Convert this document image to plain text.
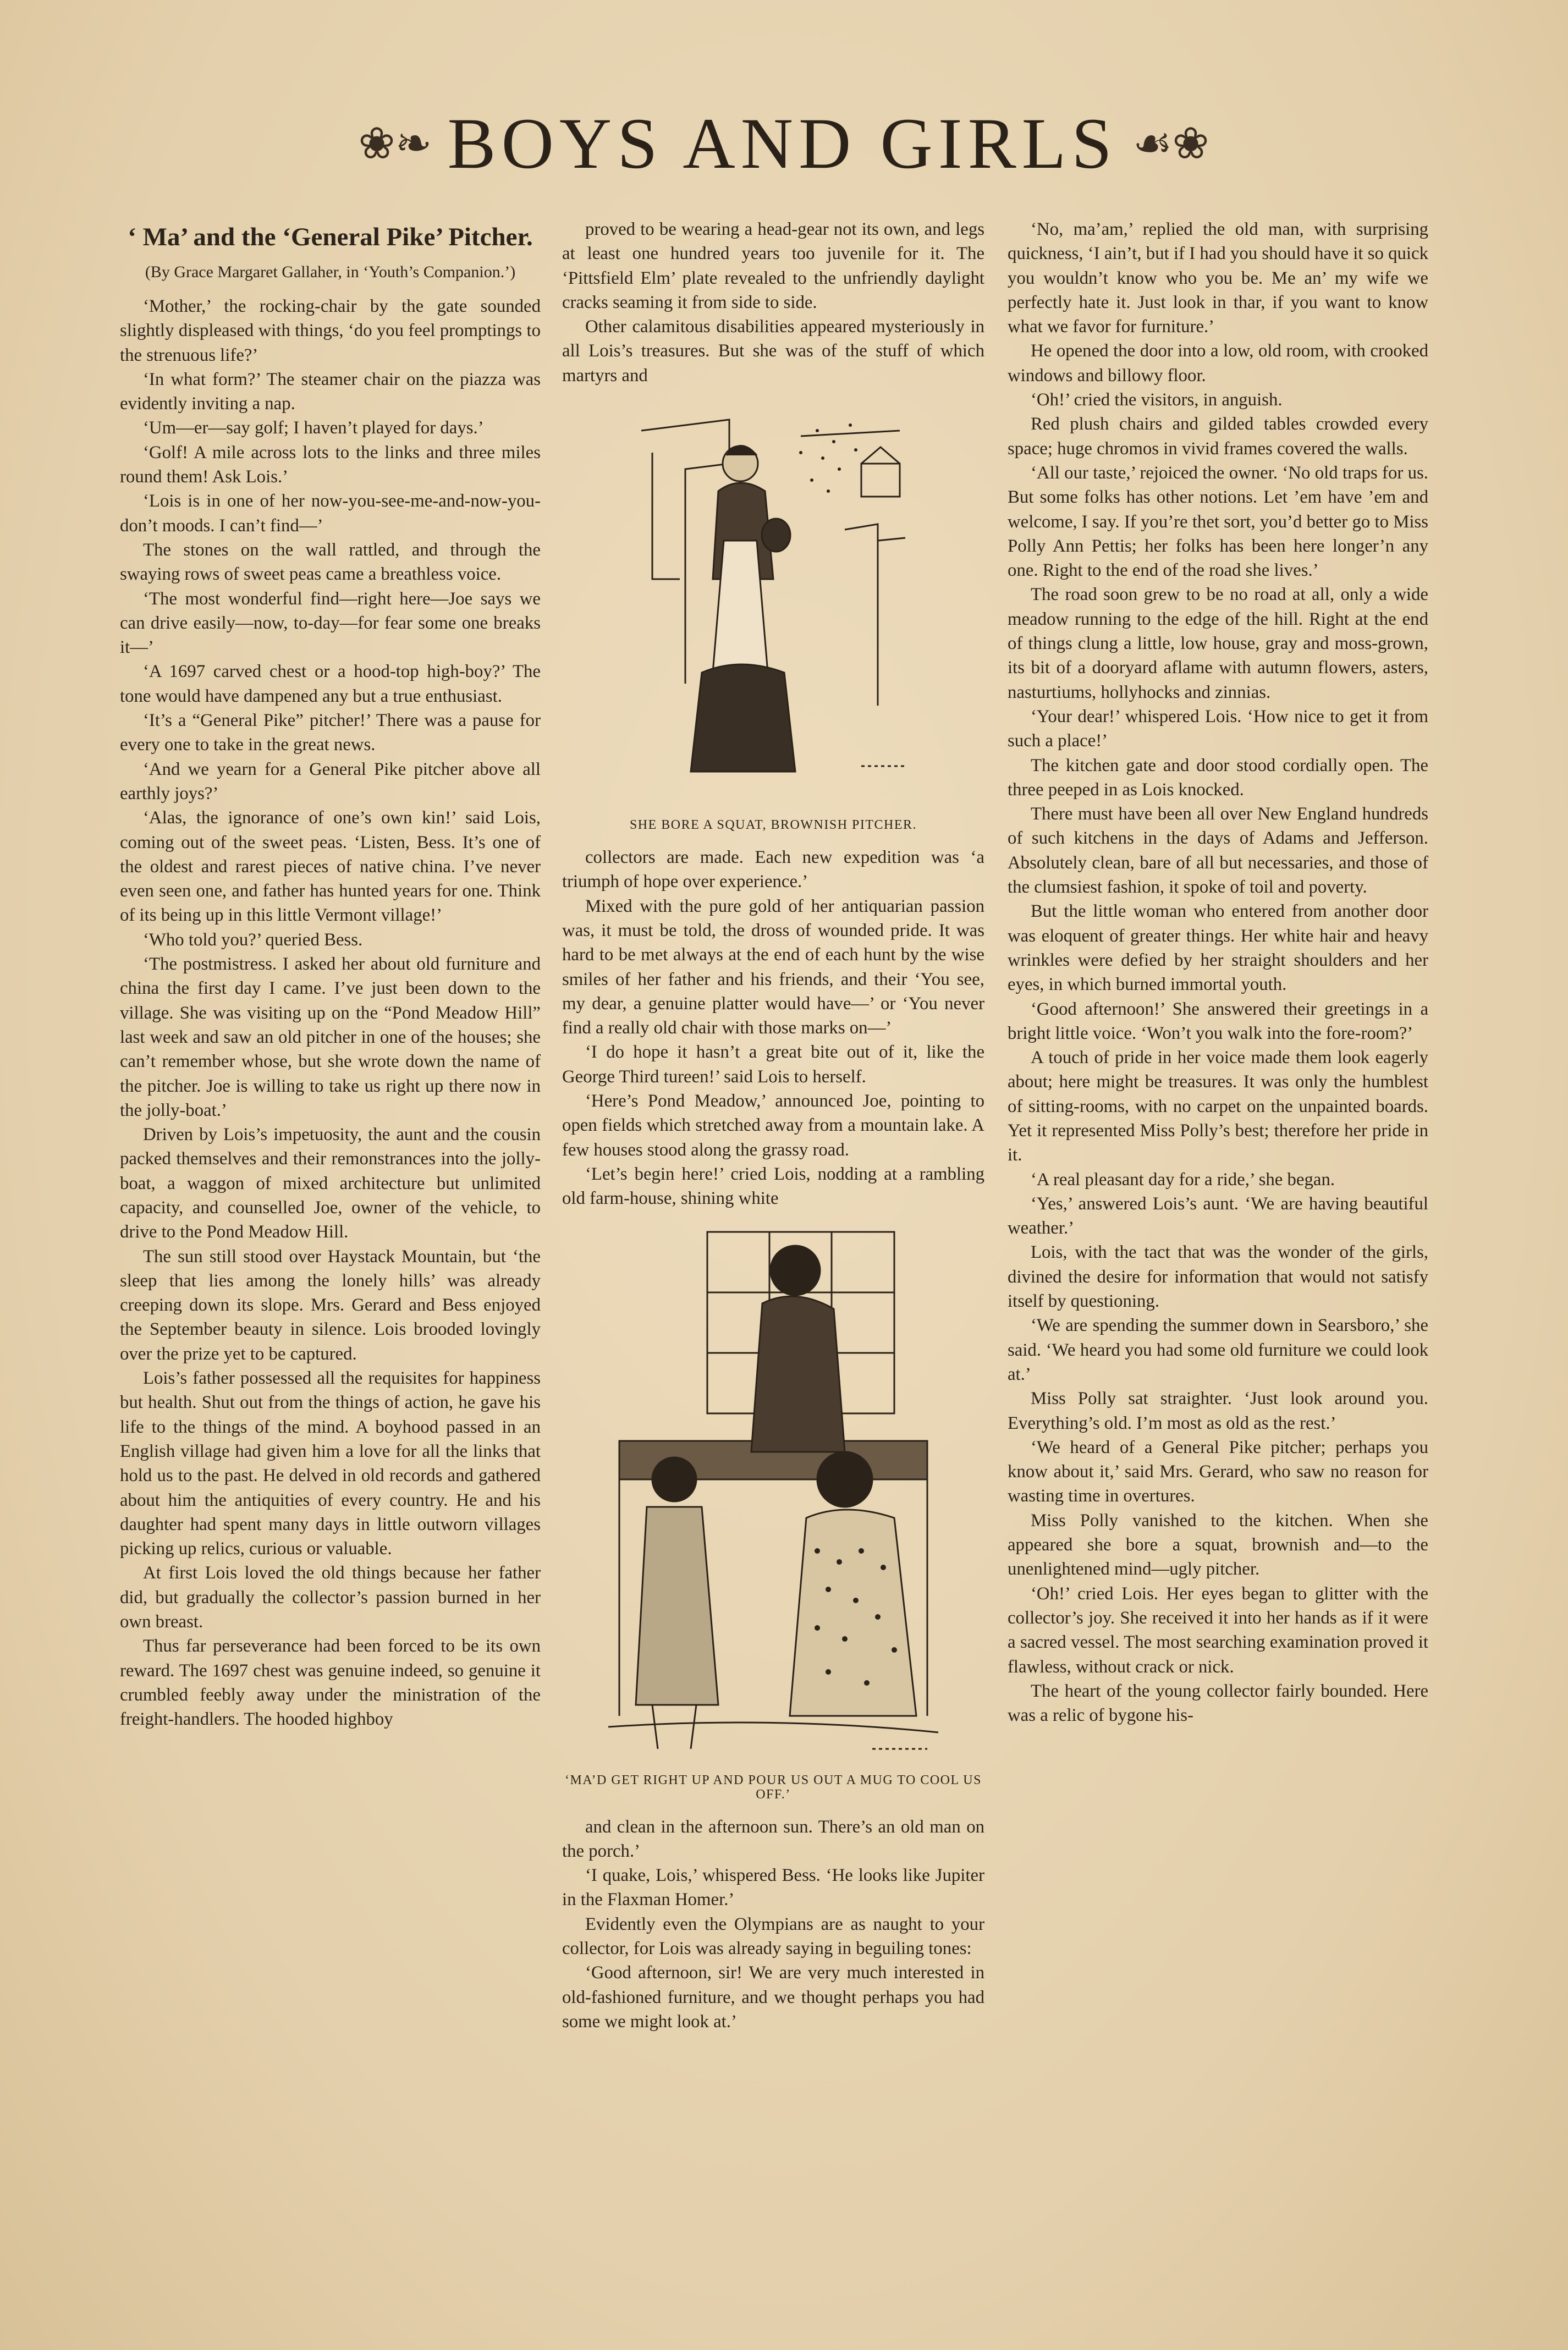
❀❧ BOYS AND GIRLS ☙❀
‘ Ma’ and the ‘General Pike’ Pitcher.
(By Grace Margaret Gallaher, in ‘Youth’s Companion.’)

‘Mother,’ the rocking-chair by the gate sounded slightly displeased with things, ‘do you feel promptings to the strenuous life?’

‘In what form?’ The steamer chair on the piazza was evidently inviting a nap.

‘Um—er—say golf; I haven’t played for days.’

‘Golf! A mile across lots to the links and three miles round them! Ask Lois.’

‘Lois is in one of her now-you-see-me-and-now-you-don’t moods. I can’t find—’

The stones on the wall rattled, and through the swaying rows of sweet peas came a breathless voice.

‘The most wonderful find—right here—Joe says we can drive easily—now, to-day—for fear some one breaks it—’

‘A 1697 carved chest or a hood-top high-boy?’ The tone would have dampened any but a true enthusiast.

‘It’s a “General Pike” pitcher!’ There was a pause for every one to take in the great news.

‘And we yearn for a General Pike pitcher above all earthly joys?’

‘Alas, the ignorance of one’s own kin!’ said Lois, coming out of the sweet peas. ‘Listen, Bess. It’s one of the oldest and rarest pieces of native china. I’ve never even seen one, and father has hunted years for one. Think of its being up in this little Vermont village!’

‘Who told you?’ queried Bess.

‘The postmistress. I asked her about old furniture and china the first day I came. I’ve just been down to the village. She was visiting up on the “Pond Meadow Hill” last week and saw an old pitcher in one of the houses; she can’t remember whose, but she wrote down the name of the pitcher. Joe is willing to take us right up there now in the jolly-boat.’

Driven by Lois’s impetuosity, the aunt and the cousin packed themselves and their remonstrances into the jolly-boat, a waggon of mixed architecture but unlimited capacity, and counselled Joe, owner of the vehicle, to drive to the Pond Meadow Hill.

The sun still stood over Haystack Mountain, but ‘the sleep that lies among the lonely hills’ was already creeping down its slope. Mrs. Gerard and Bess enjoyed the September beauty in silence. Lois brooded lovingly over the prize yet to be captured.

Lois’s father possessed all the requisites for happiness but health. Shut out from the things of action, he gave his life to the things of the mind. A boyhood passed in an English village had given him a love for all the links that hold us to the past. He delved in old records and gathered about him the antiquities of every country. He and his daughter had spent many days in little outworn villages picking up relics, curious or valuable.

At first Lois loved the old things because her father did, but gradually the collector’s passion burned in her own breast.

Thus far perseverance had been forced to be its own reward. The 1697 chest was genuine indeed, so genuine it crumbled feebly away under the ministration of the freight-handlers. The hooded highboy

proved to be wearing a head-gear not its own, and legs at least one hundred years too juvenile for it. The ‘Pittsfield Elm’ plate revealed to the unfriendly daylight cracks seaming it from side to side.

Other calamitous disabilities appeared mysteriously in all Lois’s treasures. But she was of the stuff of which martyrs and

SHE BORE A SQUAT, BROWNISH PITCHER.

collectors are made. Each new expedition was ‘a triumph of hope over experience.’

Mixed with the pure gold of her antiquarian passion was, it must be told, the dross of wounded pride. It was hard to be met always at the end of each hunt by the wise smiles of her father and his friends, and their ‘You see, my dear, a genuine platter would have—’ or ‘You never find a really old chair with those marks on—’

‘I do hope it hasn’t a great bite out of it, like the George Third tureen!’ said Lois to herself.

‘Here’s Pond Meadow,’ announced Joe, pointing to open fields which stretched away from a mountain lake. A few houses stood along the grassy road.

‘Let’s begin here!’ cried Lois, nodding at a rambling old farm-house, shining white

‘MA’D GET RIGHT UP AND POUR US OUT A MUG TO COOL US OFF.’

and clean in the afternoon sun. There’s an old man on the porch.’

‘I quake, Lois,’ whispered Bess. ‘He looks like Jupiter in the Flaxman Homer.’

Evidently even the Olympians are as naught to your collector, for Lois was already saying in beguiling tones:

‘Good afternoon, sir! We are very much interested in old-fashioned furniture, and we thought perhaps you had some we might look at.’

‘No, ma’am,’ replied the old man, with surprising quickness, ‘I ain’t, but if I had you should have it so quick you wouldn’t know who you be. Me an’ my wife we perfectly hate it. Just look in thar, if you want to know what we favor for furniture.’

He opened the door into a low, old room, with crooked windows and billowy floor.

‘Oh!’ cried the visitors, in anguish.

Red plush chairs and gilded tables crowded every space; huge chromos in vivid frames covered the walls.

‘All our taste,’ rejoiced the owner. ‘No old traps for us. But some folks has other notions. Let ’em have ’em and welcome, I say. If you’re thet sort, you’d better go to Miss Polly Ann Pettis; her folks has been here longer’n any one. Right to the end of the road she lives.’

The road soon grew to be no road at all, only a wide meadow running to the edge of the hill. Right at the end of things clung a little, low house, gray and moss-grown, its bit of a dooryard aflame with autumn flowers, asters, nasturtiums, hollyhocks and zinnias.

‘Your dear!’ whispered Lois. ‘How nice to get it from such a place!’

The kitchen gate and door stood cordially open. The three peeped in as Lois knocked.

There must have been all over New England hundreds of such kitchens in the days of Adams and Jefferson. Absolutely clean, bare of all but necessaries, and those of the clumsiest fashion, it spoke of toil and poverty.

But the little woman who entered from another door was eloquent of greater things. Her white hair and heavy wrinkles were defied by her straight shoulders and her eyes, in which burned immortal youth.

‘Good afternoon!’ She answered their greetings in a bright little voice. ‘Won’t you walk into the fore-room?’

A touch of pride in her voice made them look eagerly about; here might be treasures. It was only the humblest of sitting-rooms, with no carpet on the unpainted boards. Yet it represented Miss Polly’s best; therefore her pride in it.

‘A real pleasant day for a ride,’ she began.

‘Yes,’ answered Lois’s aunt. ‘We are having beautiful weather.’

Lois, with the tact that was the wonder of the girls, divined the desire for information that would not satisfy itself by questioning.

‘We are spending the summer down in Searsboro,’ she said. ‘We heard you had some old furniture we could look at.’

Miss Polly sat straighter. ‘Just look around you. Everything’s old. I’m most as old as the rest.’

‘We heard of a General Pike pitcher; perhaps you know about it,’ said Mrs. Gerard, who saw no reason for wasting time in overtures.

Miss Polly vanished to the kitchen. When she appeared she bore a squat, brownish and—to the unenlightened mind—ugly pitcher.

‘Oh!’ cried Lois. Her eyes began to glitter with the collector’s joy. She received it into her hands as if it were a sacred vessel. The most searching examination proved it flawless, without crack or nick.

The heart of the young collector fairly bounded. Here was a relic of bygone his-
